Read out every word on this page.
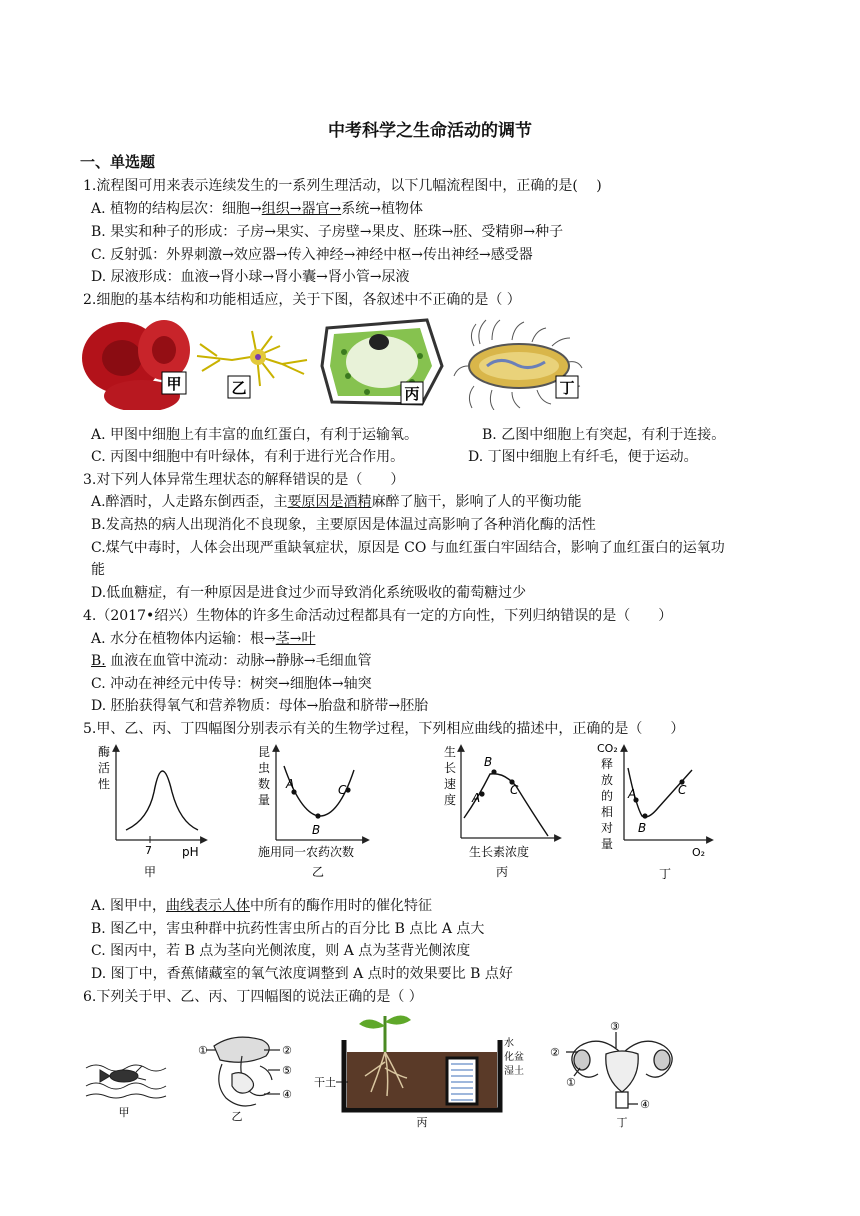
中考科学之生命活动的调节
一、单选题
1.流程图可用来表示连续发生的一系列生理活动，以下几幅流程图中，正确的是(　 )
A. 植物的结构层次：细胞→组织→器官→系统→植物体
B. 果实和种子的形成：子房→果实、子房壁→果皮、胚珠→胚、受精卵→种子
C. 反射弧：外界刺激→效应器→传入神经→神经中枢→传出神经→感受器
D. 尿液形成：血液→肾小球→肾小囊→肾小管→尿液
2.细胞的基本结构和功能相适应，关于下图，各叙述中不正确的是（ ）
甲	乙	丙	丁
A. 甲图中细胞上有丰富的血红蛋白，有利于运输氧。	B. 乙图中细胞上有突起，有利于连接。
C. 丙图中细胞中有叶绿体，有利于进行光合作用。	D. 丁图中细胞上有纤毛，便于运动。
3.对下列人体异常生理状态的解释错误的是（　　）
A.醉酒时，人走路东倒西歪，主要原因是酒精麻醉了脑干，影响了人的平衡功能
B.发高热的病人出现消化不良现象，主要原因是体温过高影响了各种消化酶的活性
C.煤气中毒时，人体会出现严重缺氧症状，原因是 CO 与血红蛋白牢固结合，影响了血红蛋白的运氧功
能
D.低血糖症，有一种原因是进食过少而导致消化系统吸收的葡萄糖过少
4.（2017•绍兴）生物体的许多生命活动过程都具有一定的方向性，下列归纳错误的是（　　）
A. 水分在植物体内运输：根→茎→叶
B. 血液在血管中流动：动脉→静脉→毛细血管
C. 冲动在神经元中传导：树突→细胞体→轴突
D. 胚胎获得氧气和营养物质：母体→胎盘和脐带→胚胎
5.甲、乙、丙、丁四幅图分别表示有关的生物学过程，下列相应曲线的描述中，正确的是（　　）
酶
活
性
7	pH
甲
昆
虫
数
量
A
B
C
施用同一农药次数
乙
生
长
速
度 A
B
C
生长素浓度
丙
CO₂
释
放
的
相
对
量
A
B
C
O₂
丁
A. 图甲中，曲线表示人体中所有的酶作用时的催化特征
B. 图乙中，害虫种群中抗药性害虫所占的百分比 B 点比 A 点大
C. 图丙中，若 B 点为茎向光侧浓度，则 A 点为茎背光侧浓度
D. 图丁中，香蕉储藏室的氧气浓度调整到 A 点时的效果要比 B 点好
6.下列关于甲、乙、丙、丁四幅图的说法正确的是（ ）
甲
①	②
⑤
④
乙
干土
水
化盆
湿土
丙
③
②
①
④
丁
